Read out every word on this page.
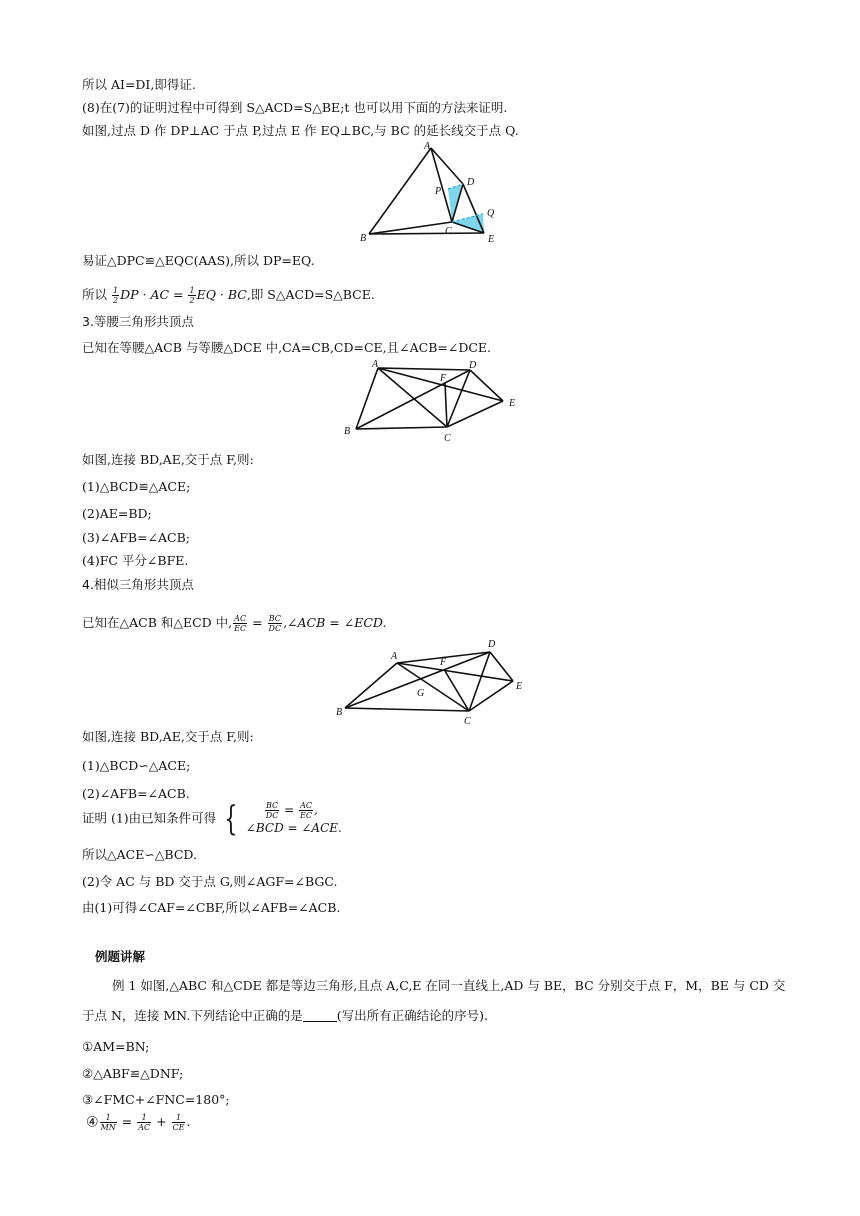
所以 AI=DI,即得证.
(8)在(7)的证明过程中可得到 S△ACD=S△BE;t 也可以用下面的方法来证明.
如图,过点 D 作 DP⊥AC 于点 P,过点 E 作 EQ⊥BC,与 BC 的延长线交于点 Q.
A
P
D
Q
B
C
E
易证△DPC≌△EQC(AAS),所以 DP=EQ.
所以 $\frac{1}{2}$ DP · AC = $\frac{1}{2}$ EQ · BC,即 S△ACD=S△BCE.
3.等腰三角形共顶点
已知在等腰△ACB 与等腰△DCE 中,CA=CB,CD=CE,且∠ACB=∠DCE.
A
F
D
E
B
C
如图,连接 BD,AE,交于点 F,则:
(1)△BCD≌△ACE;
(2)AE=BD;
(3)∠AFB=∠ACB;
(4)FC 平分∠BFE.
4.相似三角形共顶点
已知在△ACB 和△ECD 中, $\frac{AC}{EC} = \frac{BC}{DC}$ ,∠ACB = ∠ECD.
A
F
D
E
G
B
C
如图,连接 BD,AE,交于点 F,则:
(1)△BCD∽△ACE;
(2)∠AFB=∠ACB.
证明 (1)由已知条件可得 {	$\frac{BC}{DC} = \frac{AC}{EC}$ ,
∠BCD = ∠ACE.
所以△ACE∽△BCD.
(2)令 AC 与 BD 交于点 G,则∠AGF=∠BGC.
由(1)可得∠CAF=∠CBF,所以∠AFB=∠ACB.
例题讲解
例 1 如图,△ABC 和△CDE 都是等边三角形,且点 A,C,E 在同一直线上,AD 与 BE，BC 分别交于点 F，M，BE 与 CD 交
于点 N，连接 MN.下列结论中正确的是	(写出所有正确结论的序号).
①AM=BN;
②△ABF≌△DNF;
③∠FMC+∠FNC=180°;
④ $\frac{1}{MN} = \frac{1}{AC} + \frac{1}{CE}$ .
